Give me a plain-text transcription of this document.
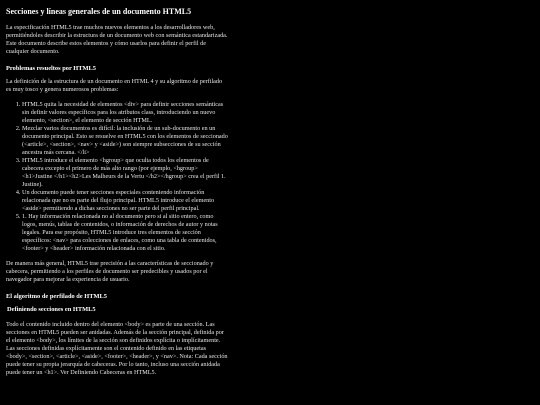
Secciones y líneas generales de un documento HTML5

La especificación HTML5 trae muchos nuevos elementos a los desarrolladores web, permitiéndoles describir la estructura de un documento web con semántica estandarizada. Este documento describe estos elementos y cómo usarlos para definir el perfil de cualquier documento.

Problemas resueltos por HTML5

La definición de la estructura de un documento en HTML 4 y su algoritmo de perfilado es muy tosco y genera numerosos problemas:

1. HTML5 quita la necesidad de elementos <div> para definir secciones semánticas sin definir valores específicos para los atributos class, introduciendo un nuevo elemento, <section>, el elemento de sección HTML.
2. Mezclar varios documentos es difícil: la inclusión de un sub-documento en un documento principal. Esto se resuelve en HTML5 con los elementos de seccionado (<article>, <section>, <nav> y <aside>) son siempre subsecciones de su sección ancestra más cercana. </li>
3. HTML5 introduce el elemento <hgroup> que oculta todos los elementos de cabecera excepto el primero de más alto rango (por ejemplo, <hgroup><h1>Justine </h1><h2>Les Malheurs de la Vertu </h2></hgroup> crea el perfil 1. Justine).
4. Un documento puede tener secciones especiales conteniendo información relacionada que no es parte del flujo principal. HTML5 introduce el elemento <aside> permitiendo a dichas secciones no ser parte del perfil principal.
5. 1. Hay información relacionada no al documento pero si al sitio entero, como logos, menús, tablas de contenidos, o información de derechos de autor y notas legales. Para ese propósito, HTML5 introduce tres elementos de sección específicos: <nav> para colecciones de enlaces, como una tabla de contenidos, <footer> y <header> información relacionada con el sitio.

De manera más general, HTML5 trae precisión a las características de seccionado y cabecera, permitiendo a los perfiles de documento ser predecibles y usados por el navegador para mejorar la experiencia de usuario.

El algoritmo de perfilado de HTML5
Definiendo secciones en HTML5

Todo el contenido incluido dentro del elemento <body> es parte de una sección. Las secciones en HTML5 pueden ser anidadas. Además de la sección principal, definida por el elemento <body>, los límites de la sección son definidos explícita o implícitamente. Las secciones definidas explícitamente son el contenido definido en las etiquetas <body>, <section>, <article>, <aside>, <footer>, <header>, y <nav>. Nota: Cada sección puede tener su propia jerarquía de cabeceras. Por lo tanto, incluso una sección anidada puede tener un <h1>. Ver Definiendo Cabeceras en HTML5.
